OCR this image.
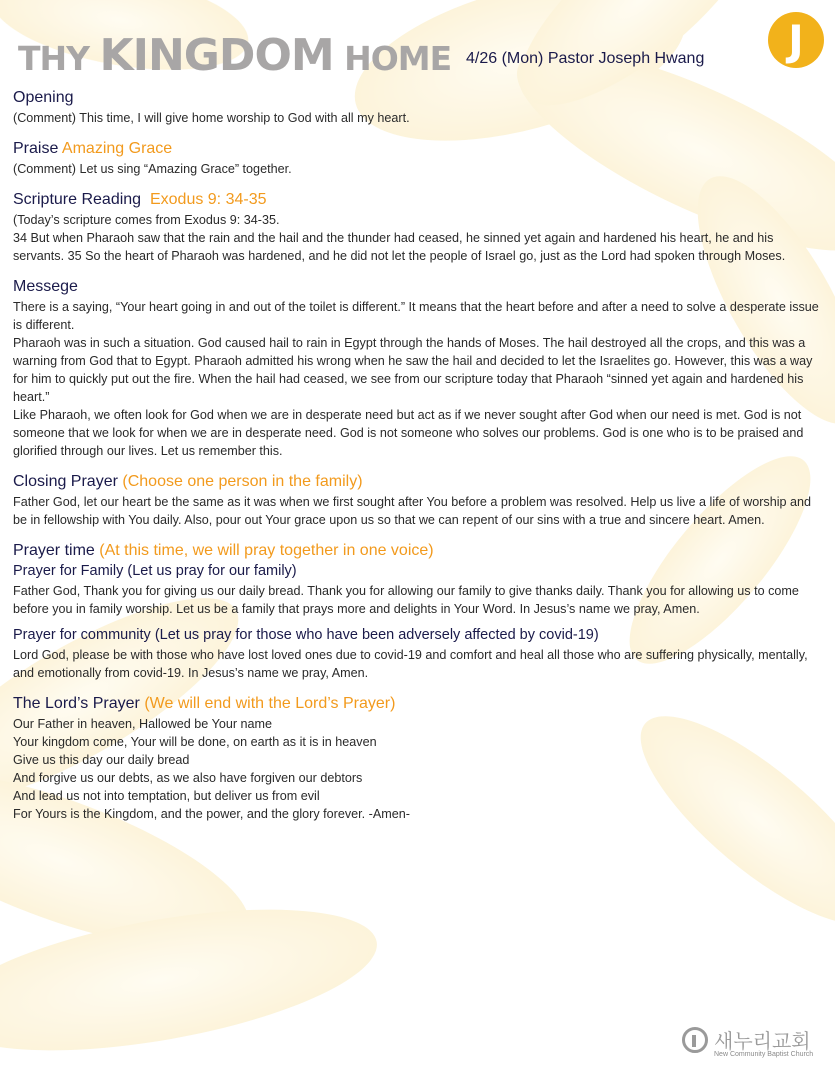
THY KINGDOM HOME 4/26 (Mon) Pastor Joseph Hwang	J
Opening

(Comment) This time, I will give home worship to God with all my heart.

Praise Amazing Grace

(Comment) Let us sing “Amazing Grace” together.

Scripture Reading Exodus 9: 34-35

(Today’s scripture comes from Exodus 9: 34-35.

34 But when Pharaoh saw that the rain and the hail and the thunder had ceased, he sinned yet again and hardened his heart, he and his servants. 35 So the heart of Pharaoh was hardened, and he did not let the people of Israel go, just as the Lord had spoken through Moses.

Messege

There is a saying, “Your heart going in and out of the toilet is different.” It means that the heart before and after a need to solve a desperate issue is different.

Pharaoh was in such a situation. God caused hail to rain in Egypt through the hands of Moses. The hail destroyed all the crops, and this was a warning from God that to Egypt. Pharaoh admitted his wrong when he saw the hail and decided to let the Israelites go. However, this was a way for him to quickly put out the fire. When the hail had ceased, we see from our scripture today that Pharaoh “sinned yet again and hardened his heart.”

Like Pharaoh, we often look for God when we are in desperate need but act as if we never sought after God when our need is met. God is not someone that we look for when we are in desperate need. God is not someone who solves our problems. God is one who is to be praised and glorified through our lives. Let us remember this.

Closing Prayer (Choose one person in the family)

Father God, let our heart be the same as it was when we first sought after You before a problem was resolved. Help us live a life of worship and be in fellowship with You daily. Also, pour out Your grace upon us so that we can repent of our sins with a true and sincere heart. Amen.

Prayer time (At this time, we will pray together in one voice)
Prayer for Family (Let us pray for our family)

Father God, Thank you for giving us our daily bread. Thank you for allowing our family to give thanks daily. Thank you for allowing us to come before you in family worship. Let us be a family that prays more and delights in Your Word. In Jesus’s name we pray, Amen.

Prayer for community (Let us pray for those who have been adversely affected by covid-19)

Lord God, please be with those who have lost loved ones due to covid-19 and comfort and heal all those who are suffering physically, mentally, and emotionally from covid-19. In Jesus’s name we pray, Amen.

The Lord’s Prayer (We will end with the Lord’s Prayer)

Our Father in heaven, Hallowed be Your name

Your kingdom come, Your will be done, on earth as it is in heaven

Give us this day our daily bread

And forgive us our debts, as we also have forgiven our debtors

And lead us not into temptation, but deliver us from evil

For Yours is the Kingdom, and the power, and the glory forever. -Amen-

새누리교회
New Community Baptist Church
